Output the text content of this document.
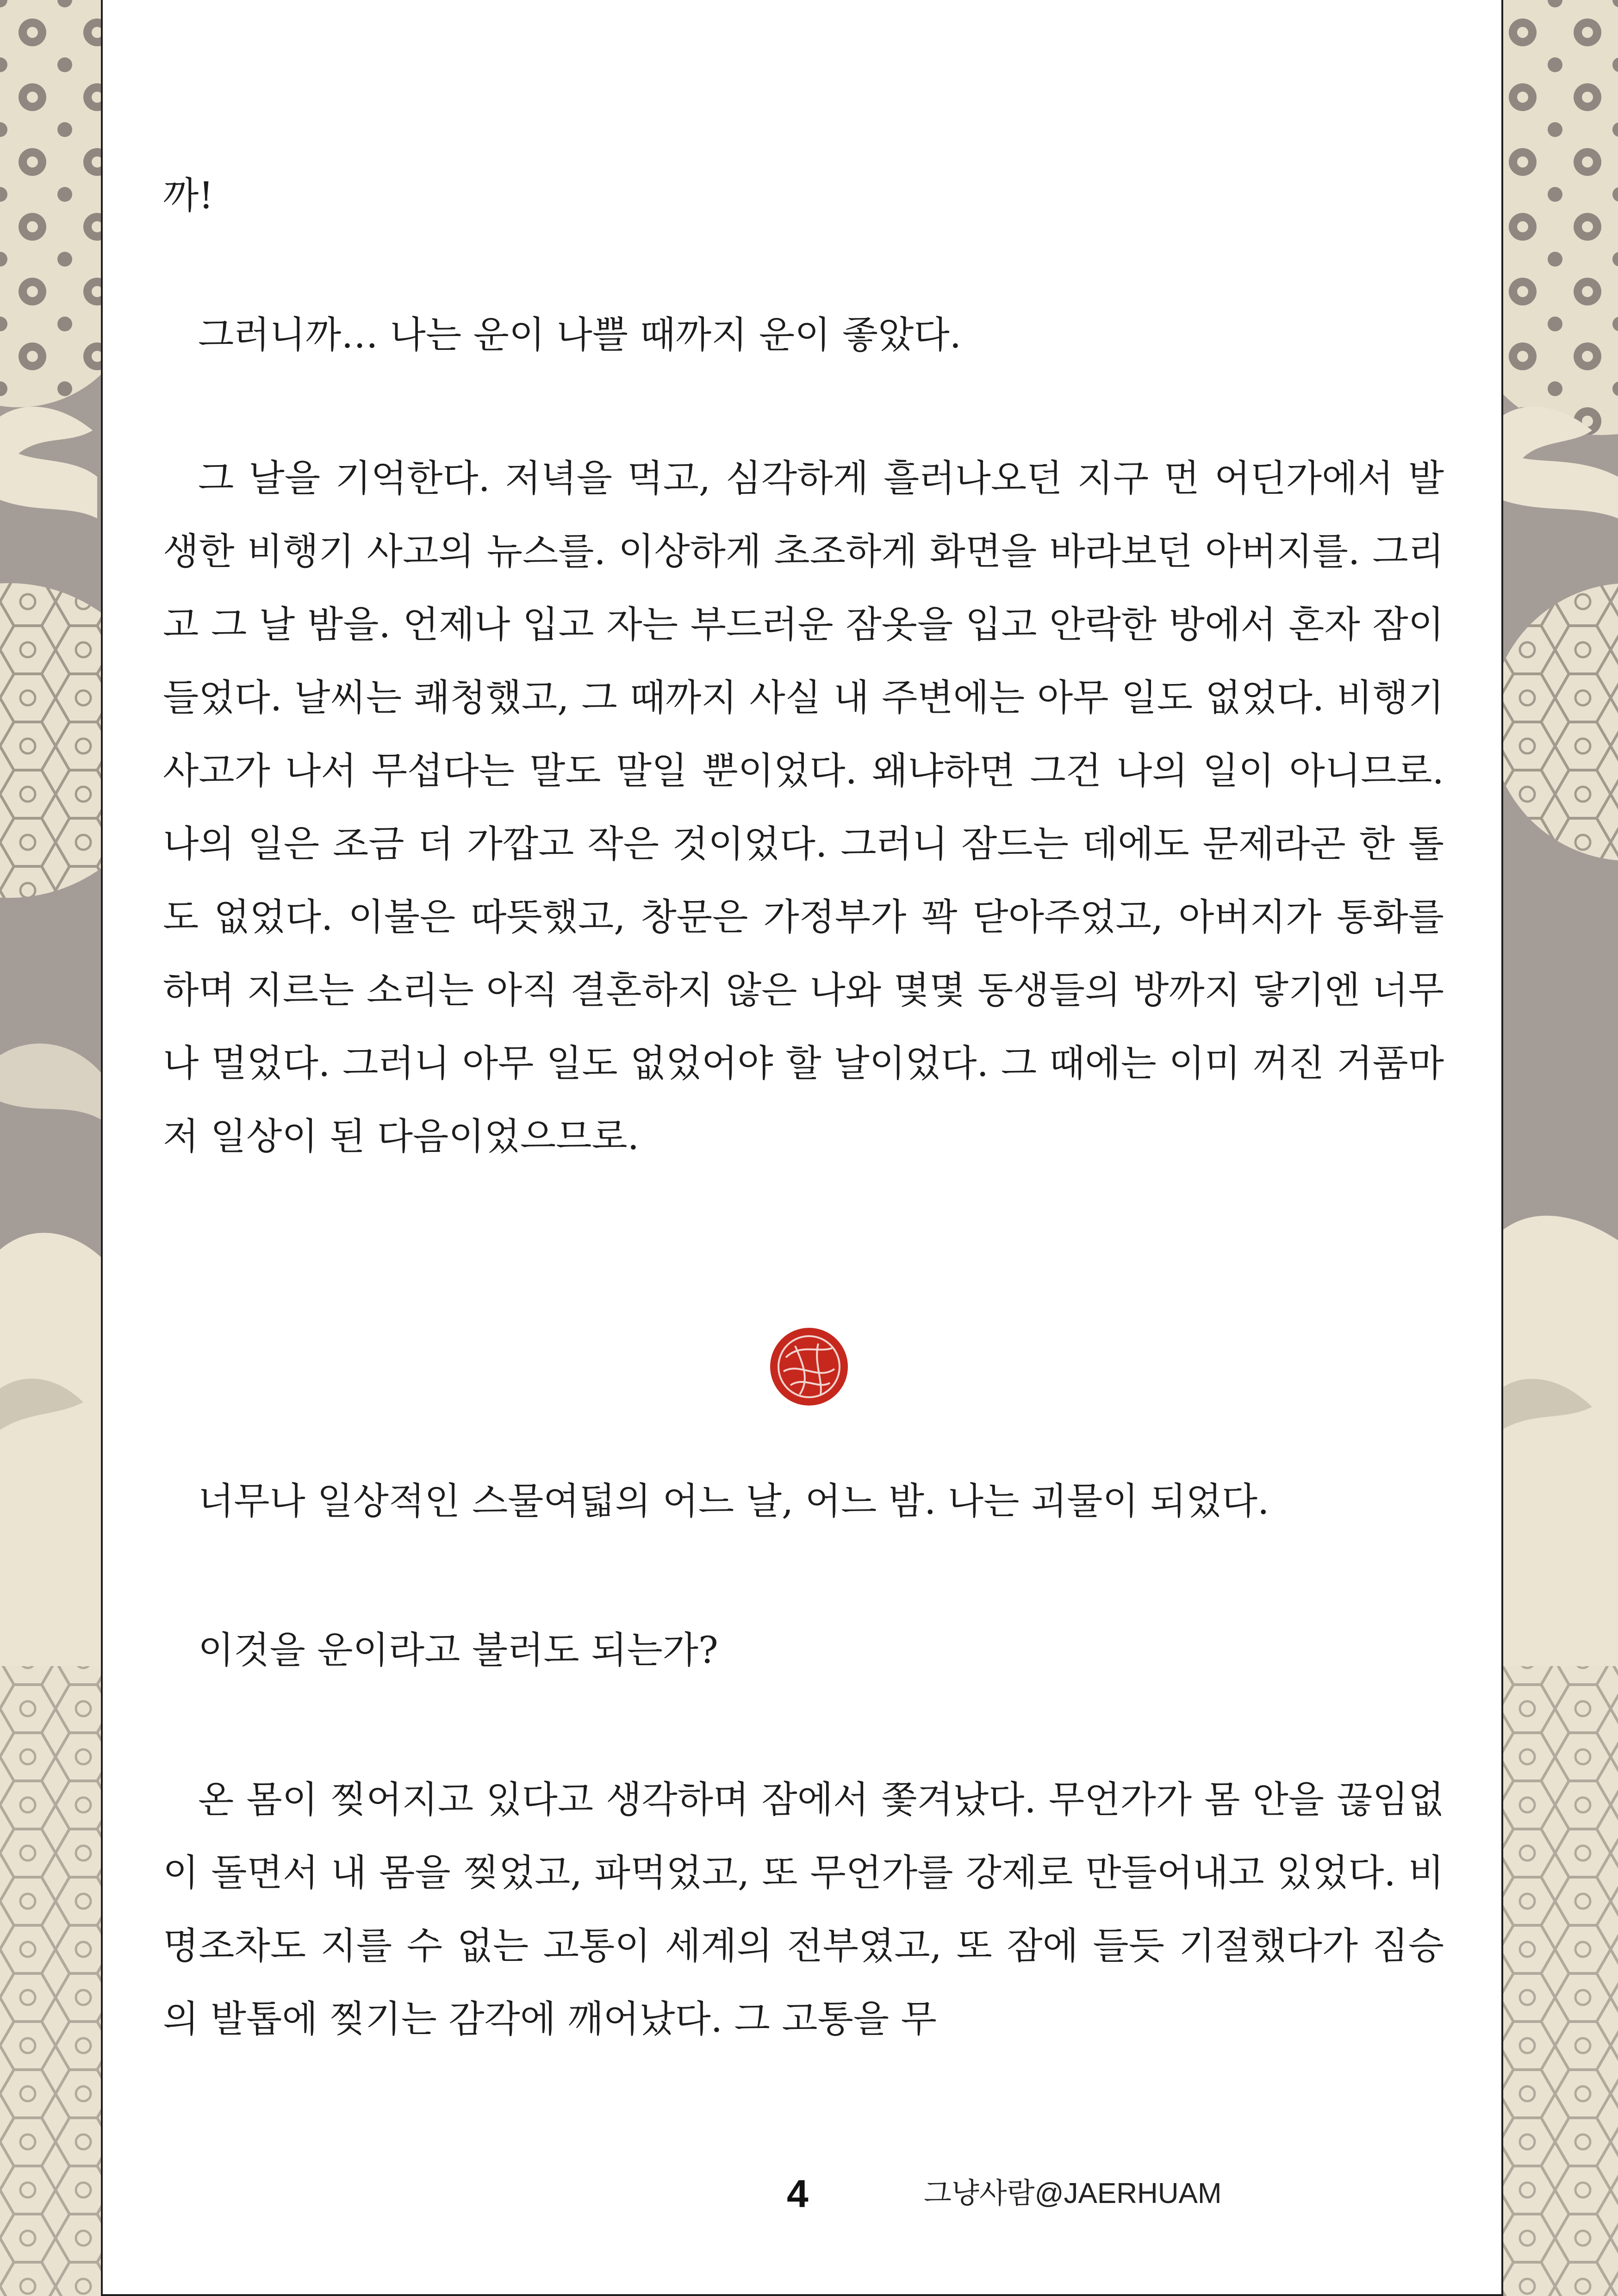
까!

그러니까… 나는 운이 나쁠 때까지 운이 좋았다.

그 날을 기억한다. 저녁을 먹고, 심각하게 흘러나오던 지구 먼 어딘가에서 발생한 비행기 사고의 뉴스를. 이상하게 초조하게 화면을 바라보던 아버지를. 그리고 그 날 밤을. 언제나 입고 자는 부드러운 잠옷을 입고 안락한 방에서 혼자 잠이 들었다. 날씨는 쾌청했고, 그 때까지 사실 내 주변에는 아무 일도 없었다. 비행기 사고가 나서 무섭다는 말도 말일 뿐이었다. 왜냐하면 그건 나의 일이 아니므로. 나의 일은 조금 더 가깝고 작은 것이었다. 그러니 잠드는 데에도 문제라곤 한 톨도 없었다. 이불은 따뜻했고, 창문은 가정부가 꽉 닫아주었고, 아버지가 통화를 하며 지르는 소리는 아직 결혼하지 않은 나와 몇몇 동생들의 방까지 닿기엔 너무나 멀었다. 그러니 아무 일도 없었어야 할 날이었다. 그 때에는 이미 꺼진 거품마저 일상이 된 다음이었으므로.

너무나 일상적인 스물여덟의 어느 날, 어느 밤. 나는 괴물이 되었다.

이것을 운이라고 불러도 되는가?

온 몸이 찢어지고 있다고 생각하며 잠에서 쫓겨났다. 무언가가 몸 안을 끊임없이 돌면서 내 몸을 찢었고, 파먹었고, 또 무언가를 강제로 만들어내고 있었다. 비명조차도 지를 수 없는 고통이 세계의 전부였고, 또 잠에 들듯 기절했다가 짐승의 발톱에 찢기는 감각에 깨어났다. 그 고통을 무

4	그냥사람@JAERHUAM
